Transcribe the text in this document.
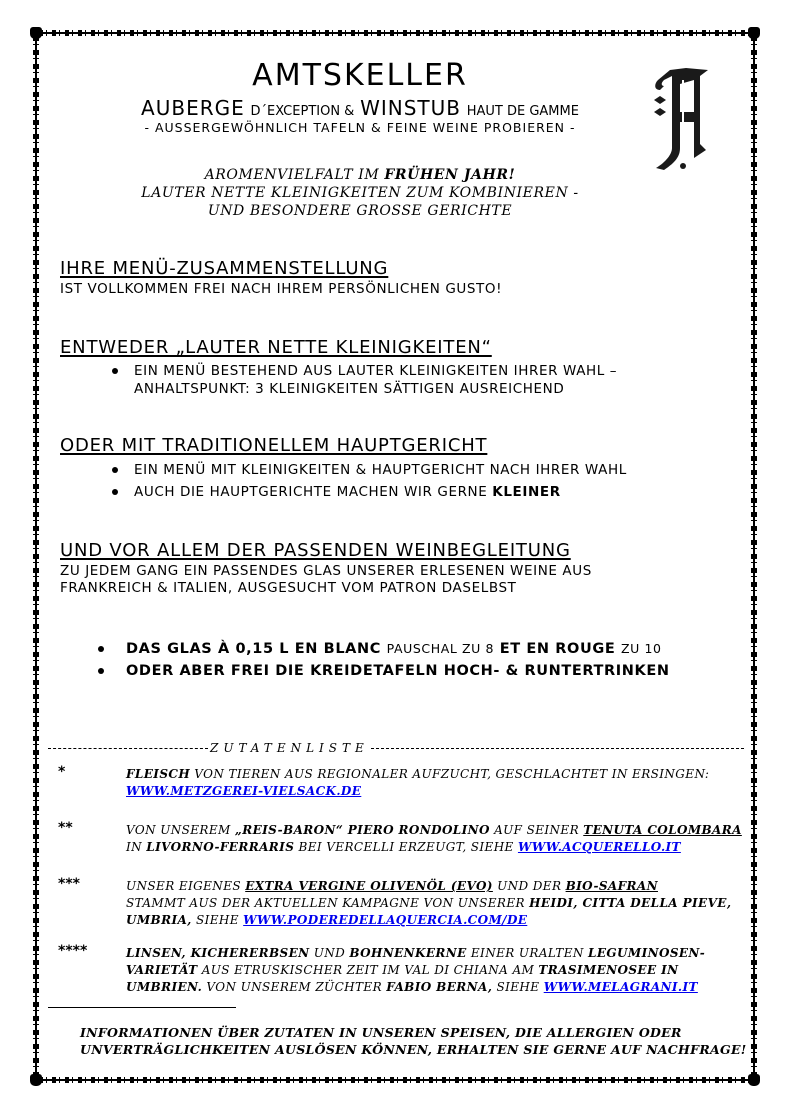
AMTSKELLER
AUBERGE D´EXCEPTION & WINSTUB HAUT DE GAMME
- AUSSERGEWÖHNLICH TAFELN & FEINE WEINE PROBIEREN -
AROMENVIELFALT IM FRÜHEN JAHR!
LAUTER NETTE KLEINIGKEITEN ZUM KOMBINIEREN -
UND BESONDERE GROSSE GERICHTE
IHRE MENÜ-ZUSAMMENSTELLUNG
IST VOLLKOMMEN FREI NACH IHREM PERSÖNLICHEN GUSTO!
ENTWEDER „LAUTER NETTE KLEINIGKEITEN“
EIN MENÜ BESTEHEND AUS LAUTER KLEINIGKEITEN IHRER WAHL –
ANHALTSPUNKT: 3 KLEINIGKEITEN SÄTTIGEN AUSREICHEND
ODER MIT TRADITIONELLEM HAUPTGERICHT
EIN MENÜ MIT KLEINIGKEITEN & HAUPTGERICHT NACH IHRER WAHL
AUCH DIE HAUPTGERICHTE MACHEN WIR GERNE KLEINER
UND VOR ALLEM DER PASSENDEN WEINBEGLEITUNG
ZU JEDEM GANG EIN PASSENDES GLAS UNSERER ERLESENEN WEINE AUS
FRANKREICH & ITALIEN, AUSGESUCHT VOM PATRON DASELBST
DAS GLAS À 0,15 L EN BLANC PAUSCHAL ZU 8 ET EN ROUGE ZU 10
ODER ABER FREI DIE KREIDETAFELN HOCH- & RUNTERTRINKEN
ZUTATENLISTE
*	FLEISCH VON TIEREN AUS REGIONALER AUFZUCHT, GESCHLACHTET IN ERSINGEN:
WWW.METZGEREI-VIELSACK.DE
**	VON UNSEREM „REIS-BARON“ PIERO RONDOLINO AUF SEINER TENUTA COLOMBARA
IN LIVORNO-FERRARIS BEI VERCELLI ERZEUGT, SIEHE WWW.ACQUERELLO.IT
***	UNSER EIGENES EXTRA VERGINE OLIVENÖL (EVO) UND DER BIO-SAFRAN
STAMMT AUS DER AKTUELLEN KAMPAGNE VON UNSERER HEIDI, CITTA DELLA PIEVE,
UMBRIA, SIEHE WWW.PODEREDELLAQUERCIA.COM/DE
****	LINSEN, KICHERERBSEN UND BOHNENKERNE EINER URALTEN LEGUMINOSEN-
VARIETÄT AUS ETRUSKISCHER ZEIT IM VAL DI CHIANA AM TRASIMENOSEE IN
UMBRIEN. VON UNSEREM ZÜCHTER FABIO BERNA, SIEHE WWW.MELAGRANI.IT
INFORMATIONEN ÜBER ZUTATEN IN UNSEREN SPEISEN, DIE ALLERGIEN ODER
UNVERTRÄGLICHKEITEN AUSLÖSEN KÖNNEN, ERHALTEN SIE GERNE AUF NACHFRAGE!
